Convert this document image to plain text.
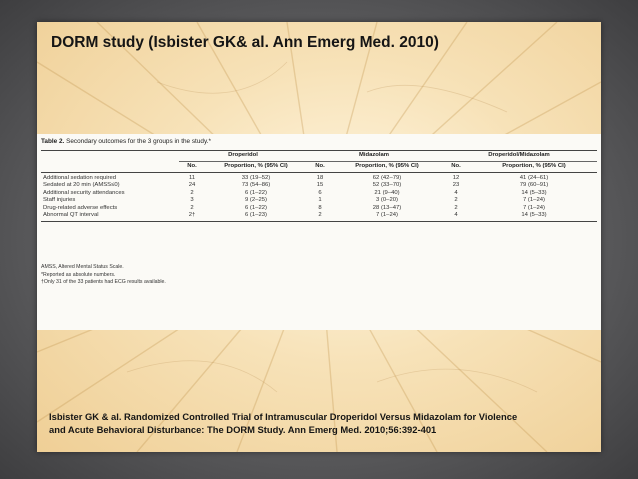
DORM study (Isbister GK& al. Ann Emerg Med. 2010)
Table 2. Secondary outcomes for the 3 groups in the study.*
	Droperidol		Midazolam		Droperidol/Midazolam	
	No.	Proportion, % (95% CI)	No.	Proportion, % (95% CI)	No.	Proportion, % (95% CI)
Additional sedation required	11	33 (19–52)	18	62 (42–79)	12	41 (24–61)
Sedated at 20 min (AMSS≤0)	24	73 (54–86)	15	52 (33–70)	23	79 (60–91)
Additional security attendances	2	6 (1–22)	6	21 (9–40)	4	14 (5–33)
Staff injuries	3	9 (2–25)	1	3 (0–20)	2	7 (1–24)
Drug-related adverse effects	2	6 (1–22)	8	28 (13–47)	2	7 (1–24)
Abnormal QT interval	2†	6 (1–23)	2	7 (1–24)	4	14 (5–33)
AMSS, Altered Mental Status Scale.
*Reported as absolute numbers.
†Only 31 of the 33 patients had ECG results available.
Isbister GK & al. Randomized Controlled Trial of Intramuscular Droperidol Versus Midazolam for Violence
and Acute Behavioral Disturbance: The DORM Study. Ann Emerg Med. 2010;56:392-401
